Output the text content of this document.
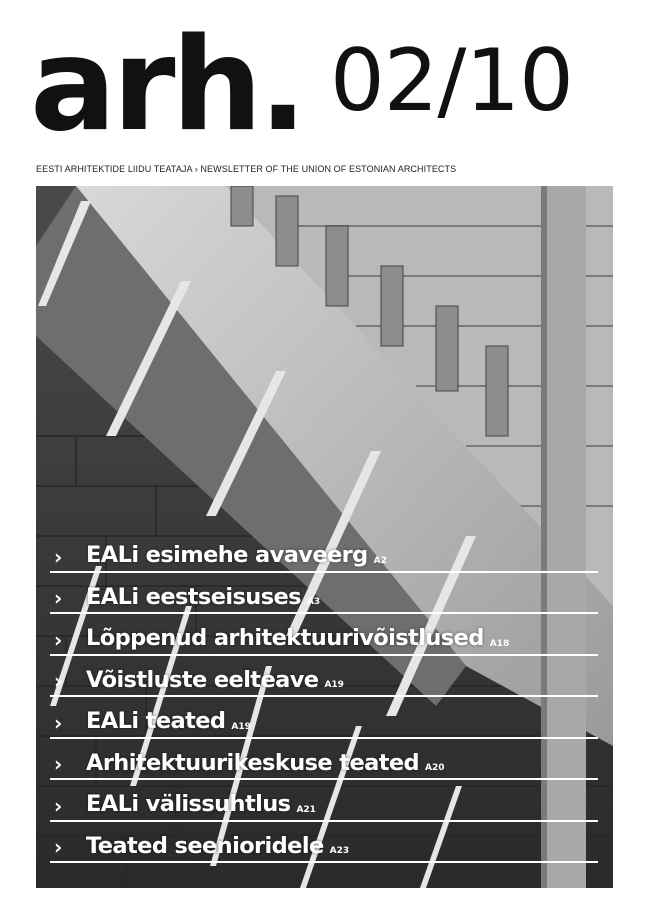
arh. 02/10
EESTI ARHITEKTIDE LIIDU TEATAJA › NEWSLETTER OF THE UNION OF ESTONIAN ARCHITECTS
›	EALi esimehe avaveerg A2
›	EALi eestseisuses A3
›	Lõppenud arhitektuurivõistlused A18
›	Võistluste eelteave A19
›	EALi teated A19
›	Arhitektuurikeskuse teated A20
›	EALi välissuhtlus A21
›	Teated seenioridele A23
